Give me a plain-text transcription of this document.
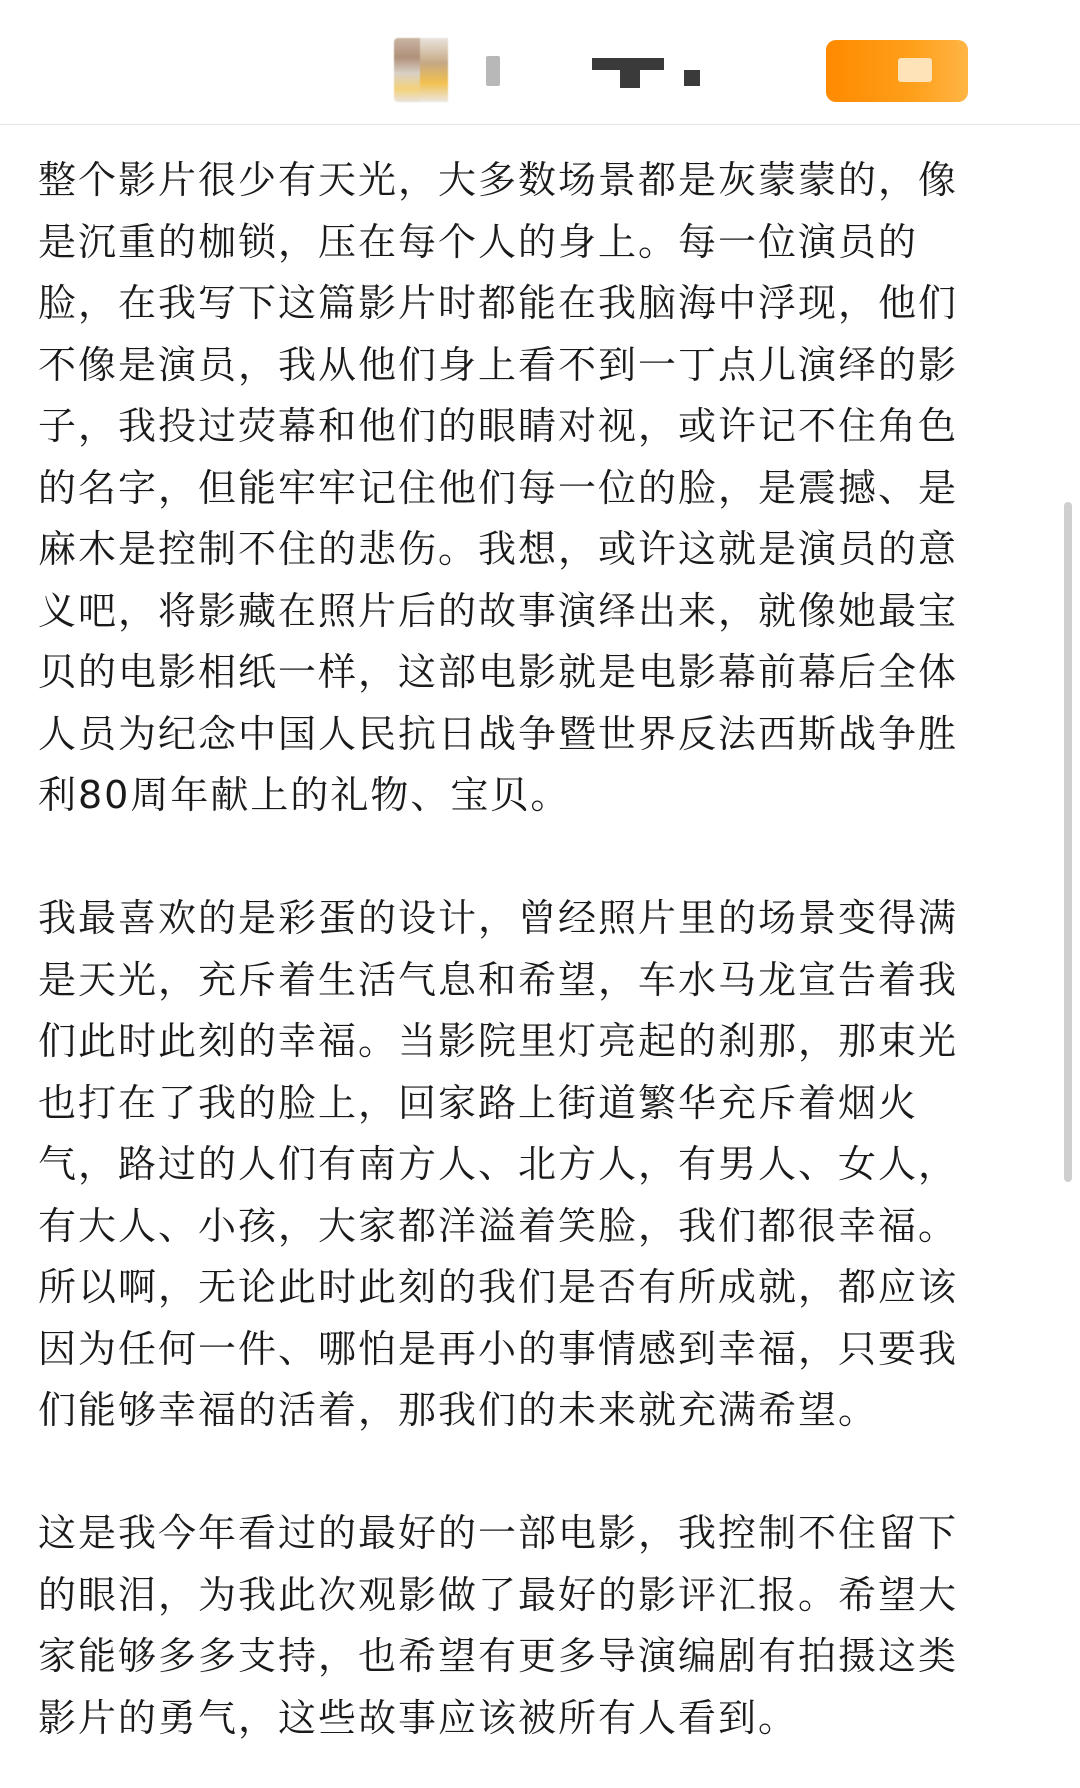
整个影片很少有天光，大多数场景都是灰蒙蒙的，像
是沉重的枷锁，压在每个人的身上。每一位演员的
脸，在我写下这篇影片时都能在我脑海中浮现，他们
不像是演员，我从他们身上看不到一丁点儿演绎的影
子，我投过荧幕和他们的眼睛对视，或许记不住角色
的名字，但能牢牢记住他们每一位的脸，是震撼、是
麻木是控制不住的悲伤。我想，或许这就是演员的意
义吧，将影藏在照片后的故事演绎出来，就像她最宝
贝的电影相纸一样，这部电影就是电影幕前幕后全体
人员为纪念中国人民抗日战争暨世界反法西斯战争胜
利80周年献上的礼物、宝贝。

我最喜欢的是彩蛋的设计，曾经照片里的场景变得满
是天光，充斥着生活气息和希望，车水马龙宣告着我
们此时此刻的幸福。当影院里灯亮起的刹那，那束光
也打在了我的脸上，回家路上街道繁华充斥着烟火
气，路过的人们有南方人、北方人，有男人、女人，
有大人、小孩，大家都洋溢着笑脸，我们都很幸福。
所以啊，无论此时此刻的我们是否有所成就，都应该
因为任何一件、哪怕是再小的事情感到幸福，只要我
们能够幸福的活着，那我们的未来就充满希望。

这是我今年看过的最好的一部电影，我控制不住留下
的眼泪，为我此次观影做了最好的影评汇报。希望大
家能够多多支持，也希望有更多导演编剧有拍摄这类
影片的勇气，这些故事应该被所有人看到。
